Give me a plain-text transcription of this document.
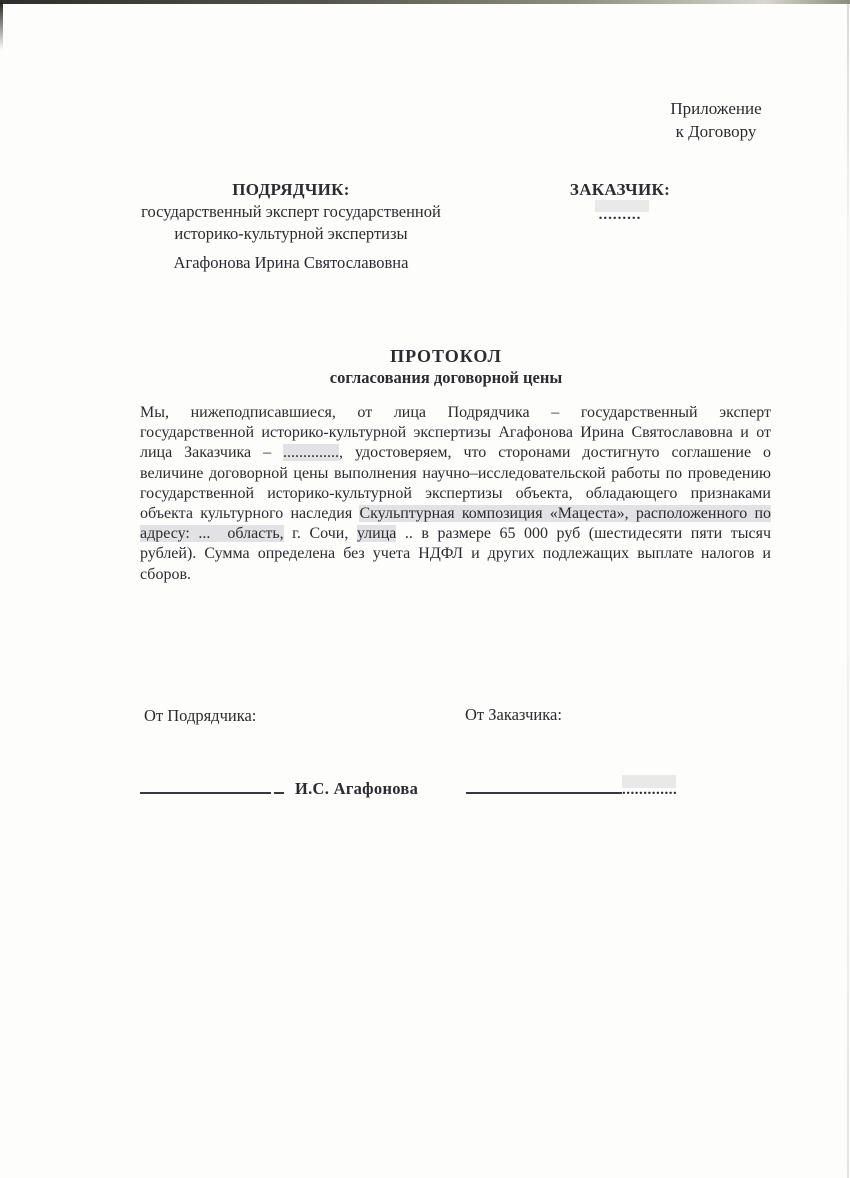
Приложение
к Договору
ПОДРЯДЧИК:
государственный эксперт государственной
историко-культурной экспертизы
Агафонова Ирина Святославовна
ЗАКАЗЧИК:
.........
ПРОТОКОЛ
согласования договорной цены
Мы, нижеподписавшиеся, от лица Подрядчика – государственный эксперт
государственной историко-культурной экспертизы Агафонова Ирина Святославовна и от
лица Заказчика – .............., удостоверяем, что сторонами достигнуто соглашение о
величине договорной цены выполнения научно–исследовательской работы по проведению
государственной историко-культурной экспертизы объекта, обладающего признаками
объекта культурного наследия Скульптурная композиция «Мацеста», расположенного по
адресу: ...  область, г. Сочи, улица .. в размере 65 000 руб (шестидесяти пяти тысяч
рублей). Сумма определена без учета НДФЛ и других подлежащих выплате налогов и
сборов.
От Подрядчика:	От Заказчика:
И.С. Агафонова	.............
